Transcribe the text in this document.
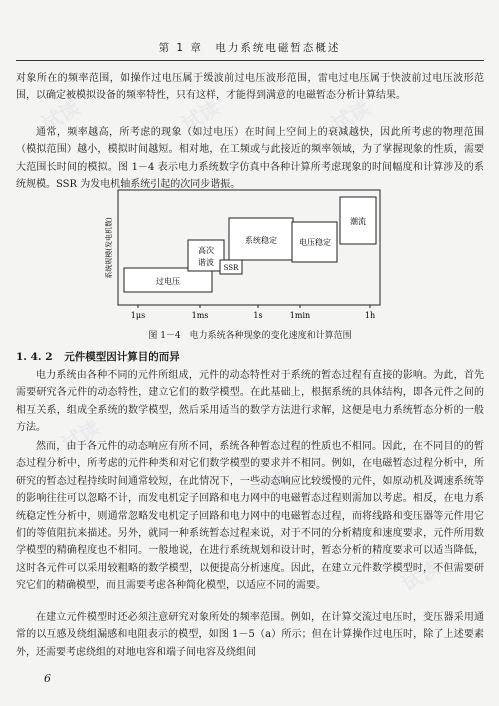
试读	试读	试读
试读
试读
试读
第 1 章　电力系统电磁暂态概述

对象所在的频率范围，如操作过电压属于缓波前过电压波形范围，雷电过电压属于快波前过电压波形范围，以确定被模拟设备的频率特性，只有这样，才能得到满意的电磁暂态分析计算结果。

通常，频率越高，所考虑的现象（如过电压）在时间上空间上的衰减越快，因此所考虑的物理范围（模拟范围）越小，模拟时间越短。相对地，在工频或与此接近的频率领域，为了掌握现象的性质，需要大范围长时间的模拟。图 1－4 表示电力系统数字仿真中各种计算所考虑现象的时间幅度和计算涉及的系统规模。SSR 为发电机轴系统引起的次同步谐振。

系统规模(发电机数)
过电压
高次
谐波
SSR
系统稳定	电压稳定
潮流
1μs	1ms	1s	1min	1h
图 1－4　电力系统各种现象的变化速度和计算范围
1. 4. 2 元件模型因计算目的而异

电力系统由各种不同的元件所组成，元件的动态特性对于系统的暂态过程有直接的影响。为此，首先需要研究各元件的动态特性，建立它们的数学模型。在此基础上，根据系统的具体结构，即各元件之间的相互关系，组成全系统的数学模型，然后采用适当的数学方法进行求解，这便是电力系统暂态分析的一般方法。

然而，由于各元件的动态响应有所不同，系统各种暂态过程的性质也不相同。因此，在不同目的的暂态过程分析中，所考虑的元件种类和对它们数学模型的要求并不相同。例如，在电磁暂态过程分析中，所研究的暂态过程持续时间通常较短，在此情况下，一些动态响应比较缓慢的元件，如原动机及调速系统等的影响往往可以忽略不计，而发电机定子回路和电力网中的电磁暂态过程则需加以考虑。相反，在电力系统稳定性分析中，则通常忽略发电机定子回路和电力网中的电磁暂态过程，而将线路和变压器等元件用它们的等值阻抗来描述。另外，就同一种系统暂态过程来说，对于不同的分析精度和速度要求，元件所用数学模型的精确程度也不相同。一般地说，在进行系统规划和设计时，暂态分析的精度要求可以适当降低，这时各元件可以采用较粗略的数学模型，以便提高分析速度。因此，在建立元件数学模型时，不但需要研究它们的精确模型，而且需要考虑各种简化模型，以适应不同的需要。

在建立元件模型时还必须注意研究对象所处的频率范围。例如，在计算交流过电压时，变压器采用通常的以互感及绕组漏感和电阻表示的模型，如图 1－5（a）所示；但在计算操作过电压时，除了上述要素外，还需要考虑绕组的对地电容和端子间电容及绕组间

6
